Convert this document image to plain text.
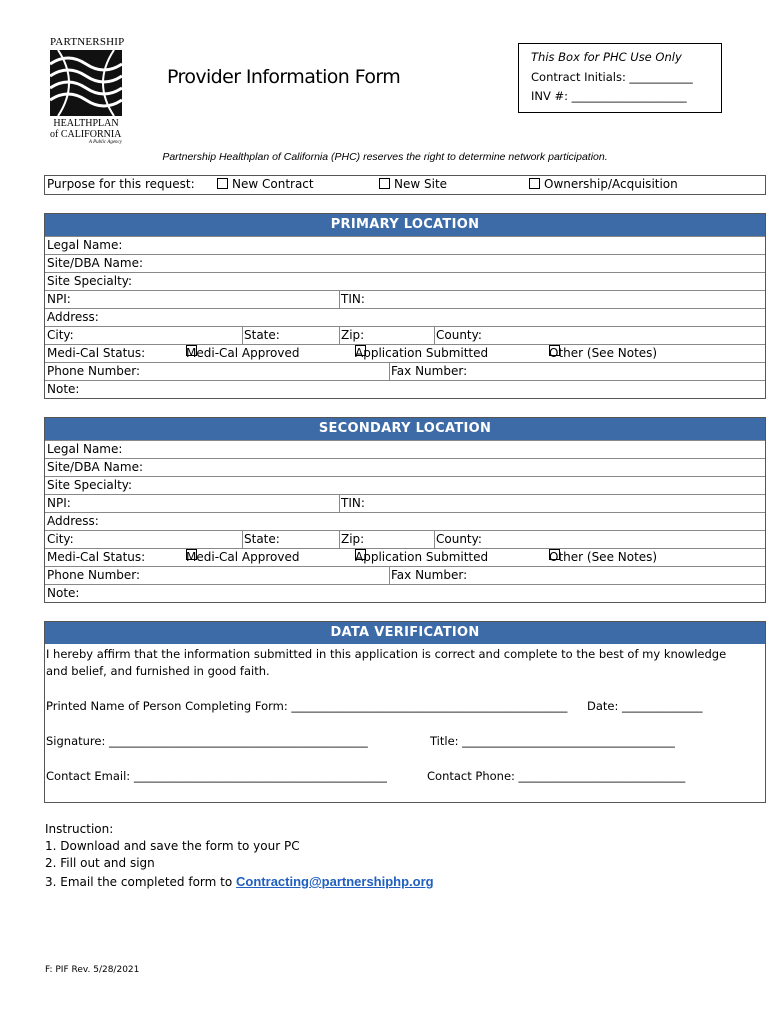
PARTNERSHIP
HEALTHPLAN
of CALIFORNIA
A Public Agency
Provider Information Form
This Box for PHC Use Only
Contract Initials: ___________
INV #: ____________________
Partnership Healthplan of California (PHC) reserves the right to determine network participation.
Purpose for this request:	New Contract	New Site	Ownership/Acquisition
PRIMARY LOCATION
Legal Name:
Site/DBA Name:
Site Specialty:
NPI:	TIN:
Address:
City:	State:	Zip:	County:
Medi-Cal Status:	Medi-Cal Approved	Application Submitted	Other (See Notes)
Phone Number:	Fax Number:
Note:
SECONDARY LOCATION
Legal Name:
Site/DBA Name:
Site Specialty:
NPI:	TIN:
Address:
City:	State:	Zip:	County:
Medi-Cal Status:	Medi-Cal Approved	Application Submitted	Other (See Notes)
Phone Number:	Fax Number:
Note:
DATA VERIFICATION
I hereby affirm that the information submitted in this application is correct and complete to the best of my knowledge
and belief, and furnished in good faith.
Printed Name of Person Completing Form: ________________________________________________ Date: ______________
Signature: _____________________________________________	Title: _____________________________________
Contact Email: ____________________________________________	Contact Phone: _____________________________
Instruction:
1. Download and save the form to your PC
2. Fill out and sign
3. Email the completed form to Contracting@partnershiphp.org
F: PIF Rev. 5/28/2021
